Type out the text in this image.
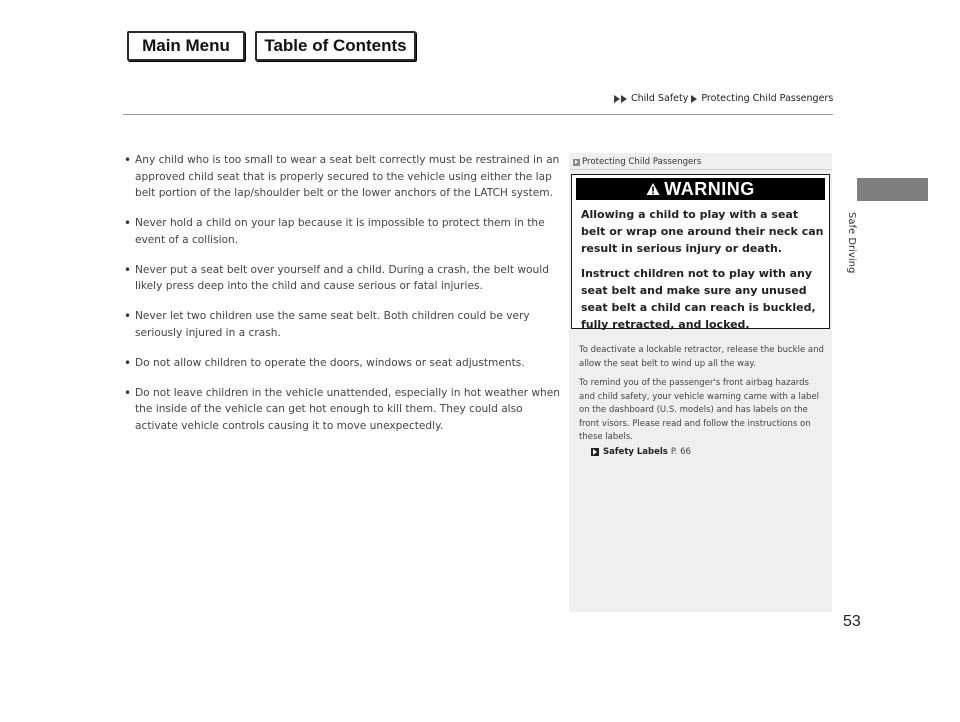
Main Menu	Table of Contents
Child Safety Protecting Child Passengers
Safe Driving
• Any child who is too small to wear a seat belt correctly must be restrained in an approved child seat that is properly secured to the vehicle using either the lap belt portion of the lap/shoulder belt or the lower anchors of the LATCH system.
• Never hold a child on your lap because it is impossible to protect them in the event of a collision.
• Never put a seat belt over yourself and a child. During a crash, the belt would likely press deep into the child and cause serious or fatal injuries.
• Never let two children use the same seat belt. Both children could be very seriously injured in a crash.
• Do not allow children to operate the doors, windows or seat adjustments.
• Do not leave children in the vehicle unattended, especially in hot weather when the inside of the vehicle can get hot enough to kill them. They could also activate vehicle controls causing it to move unexpectedly.
Protecting Child Passengers
WARNING

Allowing a child to play with a seat belt or wrap one around their neck can result in serious injury or death.

Instruct children not to play with any seat belt and make sure any unused seat belt a child can reach is buckled, fully retracted, and locked.

To deactivate a lockable retractor, release the buckle and allow the seat belt to wind up all the way.

To remind you of the passenger's front airbag hazards and child safety, your vehicle warning came with a label on the dashboard (U.S. models) and has labels on the front visors. Please read and follow the instructions on these labels.

Safety Labels P. 66
53
